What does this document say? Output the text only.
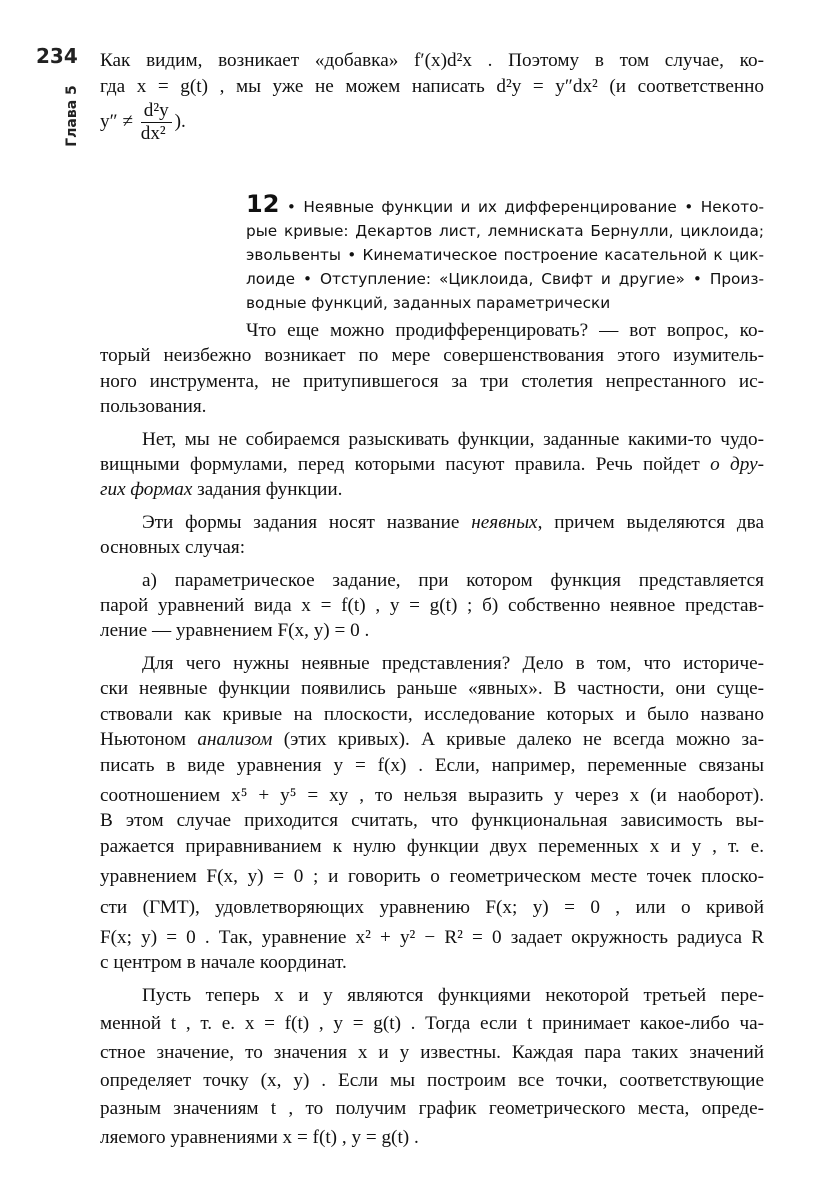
234
Глава 5
Как видим, возникает «добавка» f′(x)d²x . Поэтому в том случае, ко-
гда x = g(t) , мы уже не можем написать d²y = y″dx² (и соответственно
$y'' \ne \frac{\text{d²y}}{\text{dx²}}$ ).
12 • Неявные функции и их дифференцирование • Некото-
рые кривые: Декартов лист, лемниската Бернулли, циклоида;
эвольвенты • Кинематическое построение касательной к цик-
лоиде • Отступление: «Циклоида, Свифт и другие» • Произ-
водные функций, заданных параметрически
Что еще можно продифференцировать? — вот вопрос, ко-
торый неизбежно возникает по мере совершенствования этого изумитель-
ного инструмента, не притупившегося за три столетия непрестанного ис-
пользования.
Нет, мы не собираемся разыскивать функции, заданные какими-то чудо-
вищными формулами, перед которыми пасуют правила. Речь пойдет о дру-
гих формах задания функции.
Эти формы задания носят название неявных, причем выделяются два
основных случая:
а) параметрическое задание, при котором функция представляется
парой уравнений вида x = f(t) , y = g(t) ; б) собственно неявное представ-
ление — уравнением F(x, y) = 0 .
Для чего нужны неявные представления? Дело в том, что историче-
ски неявные функции появились раньше «явных». В частности, они суще-
ствовали как кривые на плоскости, исследование которых и было названо
Ньютоном анализом (этих кривых). А кривые далеко не всегда можно за-
писать в виде уравнения y = f(x) . Если, например, переменные связаны
соотношением x⁵ + y⁵ = xy , то нельзя выразить y через x (и наоборот).
В этом случае приходится считать, что функциональная зависимость вы-
ражается приравниванием к нулю функции двух переменных x и y , т. е.
уравнением F(x, y) = 0 ; и говорить о геометрическом месте точек плоско-
сти (ГМТ), удовлетворяющих уравнению F(x; y) = 0 , или о кривой
F(x; y) = 0 . Так, уравнение x² + y² − R² = 0 задает окружность радиуса R
с центром в начале координат.
Пусть теперь x и y являются функциями некоторой третьей пере-
менной t , т. е. x = f(t) , y = g(t) . Тогда если t принимает какое-либо ча-
стное значение, то значения x и y известны. Каждая пара таких значений
определяет точку (x, y) . Если мы построим все точки, соответствующие
разным значениям t , то получим график геометрического места, опреде-
ляемого уравнениями x = f(t) , y = g(t) .
